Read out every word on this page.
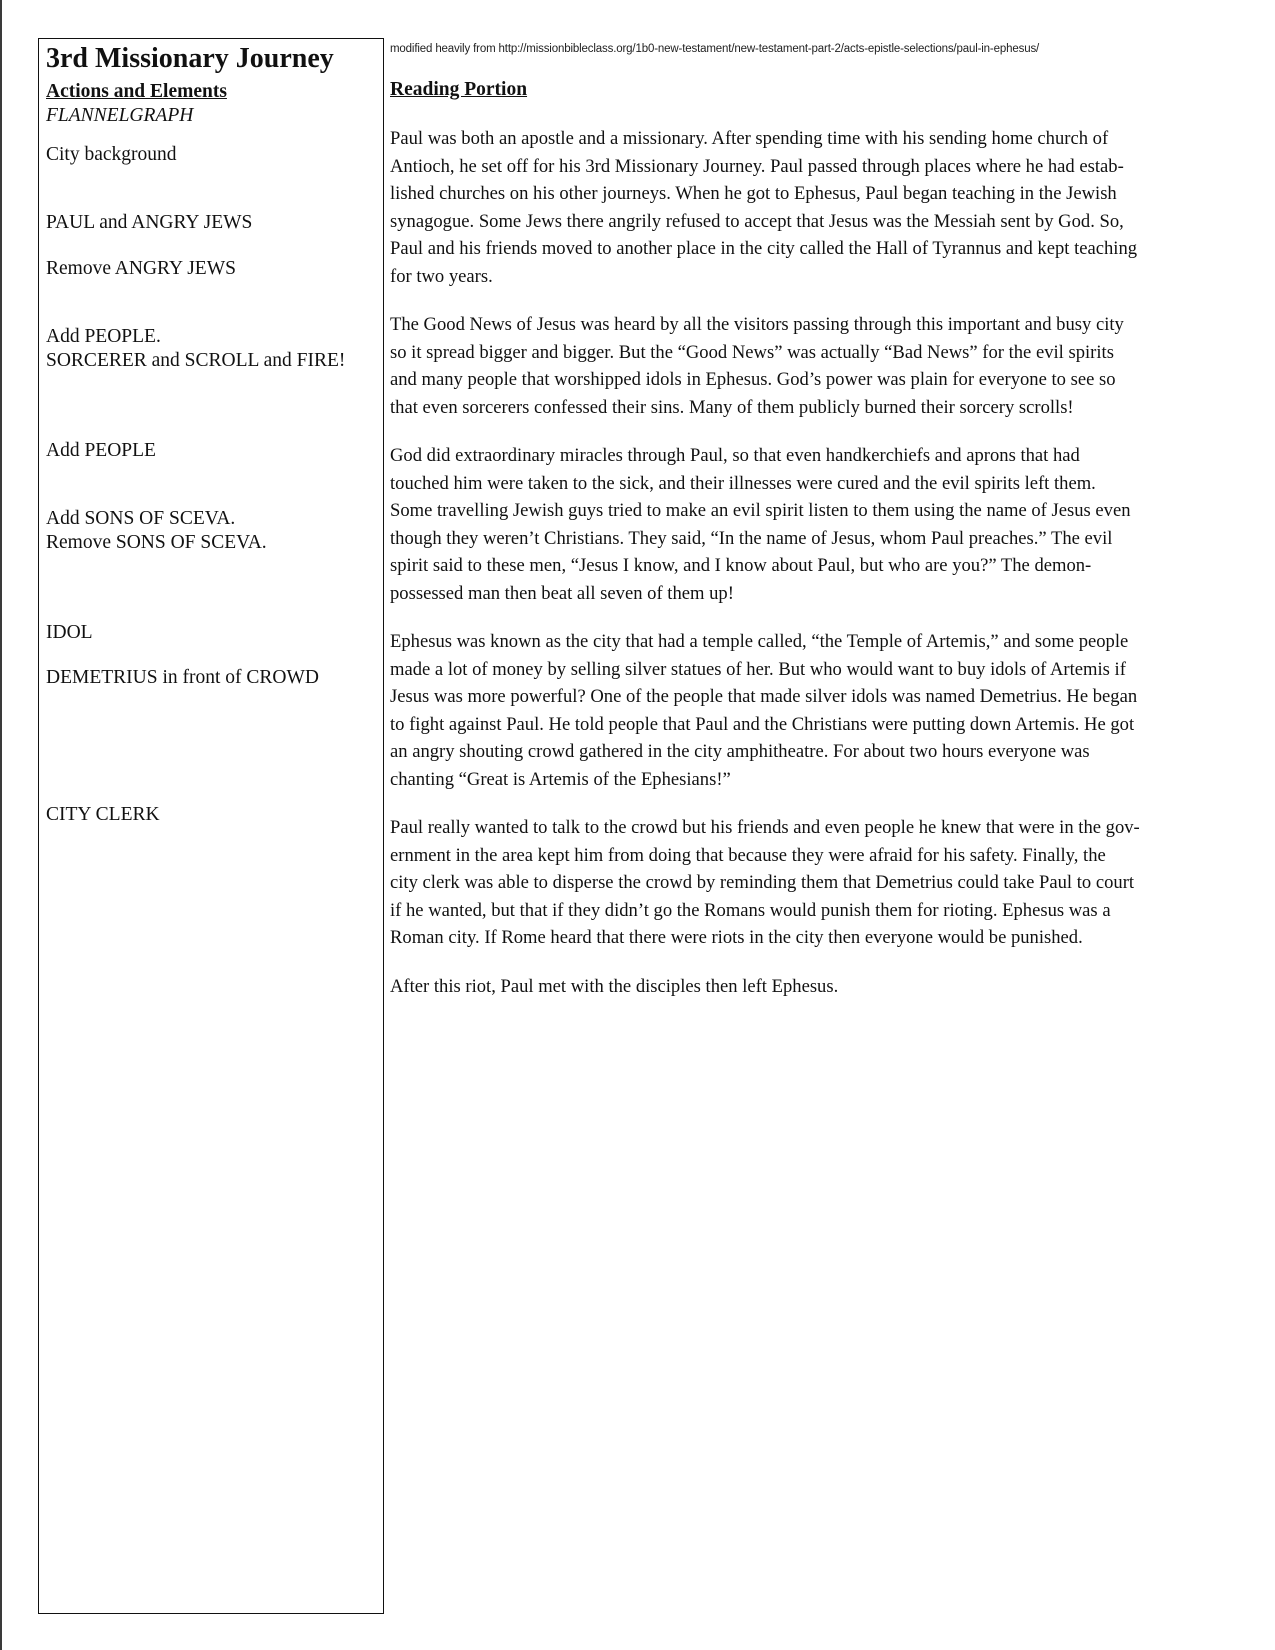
3rd Missionary Journey
Actions and Elements
FLANNELGRAPH
City background
PAUL and ANGRY JEWS
Remove ANGRY JEWS
Add PEOPLE.
SORCERER and SCROLL and FIRE!
Add PEOPLE
Add SONS OF SCEVA.
Remove SONS OF SCEVA.
IDOL
DEMETRIUS in front of CROWD
CITY CLERK
modified heavily from http://missionbibleclass.org/1b0-new-testament/new-testament-part-2/acts-epistle-selections/paul-in-ephesus/
Reading Portion
Paul was both an apostle and a missionary. After spending time with his sending home church of
Antioch, he set off for his 3rd Missionary Journey. Paul passed through places where he had estab-
lished churches on his other journeys. When he got to Ephesus, Paul began teaching in the Jewish
synagogue. Some Jews there angrily refused to accept that Jesus was the Messiah sent by God. So,
Paul and his friends moved to another place in the city called the Hall of Tyrannus and kept teaching
for two years.
The Good News of Jesus was heard by all the visitors passing through this important and busy city
so it spread bigger and bigger. But the “Good News” was actually “Bad News” for the evil spirits
and many people that worshipped idols in Ephesus. God’s power was plain for everyone to see so
that even sorcerers confessed their sins. Many of them publicly burned their sorcery scrolls!
God did extraordinary miracles through Paul, so that even handkerchiefs and aprons that had
touched him were taken to the sick, and their illnesses were cured and the evil spirits left them.
Some travelling Jewish guys tried to make an evil spirit listen to them using the name of Jesus even
though they weren’t Christians. They said, “In the name of Jesus, whom Paul preaches.” The evil
spirit said to these men, “Jesus I know, and I know about Paul, but who are you?” The demon-
possessed man then beat all seven of them up!
Ephesus was known as the city that had a temple called, “the Temple of Artemis,” and some people
made a lot of money by selling silver statues of her. But who would want to buy idols of Artemis if
Jesus was more powerful? One of the people that made silver idols was named Demetrius. He began
to fight against Paul. He told people that Paul and the Christians were putting down Artemis. He got
an angry shouting crowd gathered in the city amphitheatre. For about two hours everyone was
chanting “Great is Artemis of the Ephesians!”
Paul really wanted to talk to the crowd but his friends and even people he knew that were in the gov-
ernment in the area kept him from doing that because they were afraid for his safety. Finally, the
city clerk was able to disperse the crowd by reminding them that Demetrius could take Paul to court
if he wanted, but that if they didn’t go the Romans would punish them for rioting. Ephesus was a
Roman city. If Rome heard that there were riots in the city then everyone would be punished.
After this riot, Paul met with the disciples then left Ephesus.
